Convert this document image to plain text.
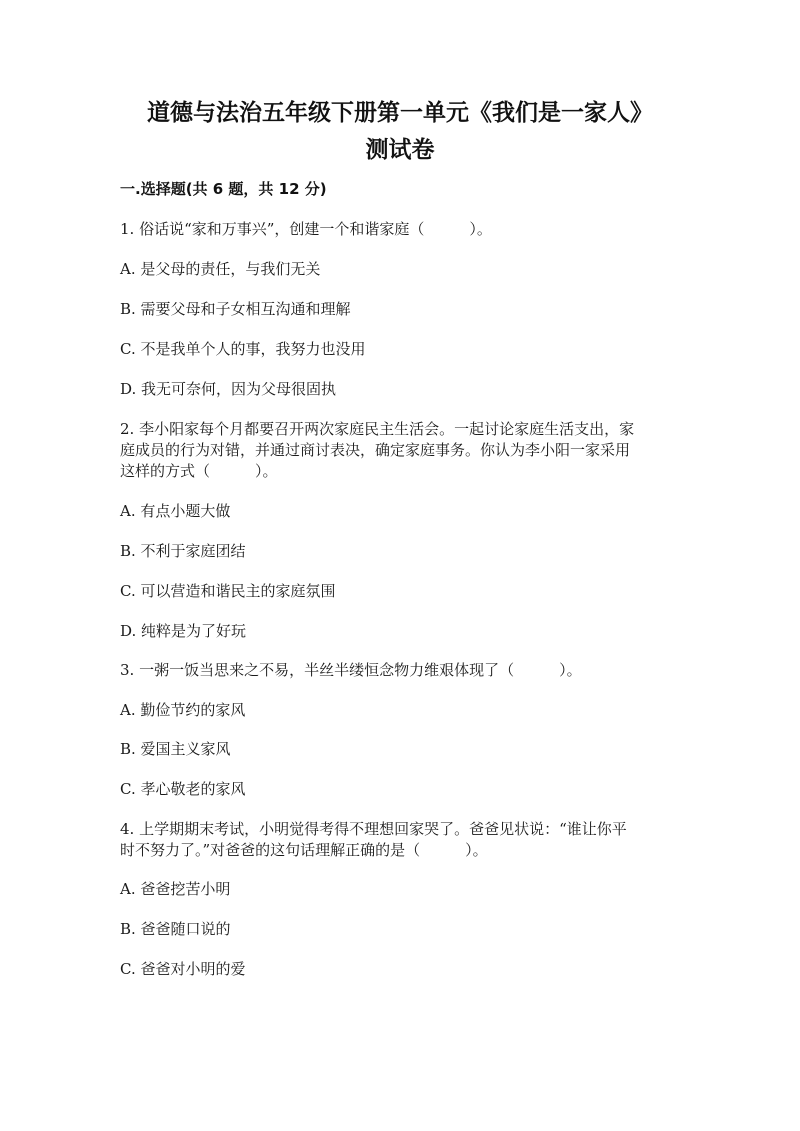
道德与法治五年级下册第一单元《我们是一家人》
测试卷
一.选择题(共 6 题，共 12 分)
1. 俗话说“家和万事兴”，创建一个和谐家庭（　　　）。
A. 是父母的责任，与我们无关
B. 需要父母和子女相互沟通和理解
C. 不是我单个人的事，我努力也没用
D. 我无可奈何，因为父母很固执
2. 李小阳家每个月都要召开两次家庭民主生活会。一起讨论家庭生活支出，家
庭成员的行为对错，并通过商讨表决，确定家庭事务。你认为李小阳一家采用
这样的方式（　　　）。
A. 有点小题大做
B. 不利于家庭团结
C. 可以营造和谐民主的家庭氛围
D. 纯粹是为了好玩
3. 一粥一饭当思来之不易，半丝半缕恒念物力维艰体现了（　　　）。
A. 勤俭节约的家风
B. 爱国主义家风
C. 孝心敬老的家风
4. 上学期期末考试，小明觉得考得不理想回家哭了。爸爸见状说：“谁让你平
时不努力了。”对爸爸的这句话理解正确的是（　　　）。
A. 爸爸挖苦小明
B. 爸爸随口说的
C. 爸爸对小明的爱
